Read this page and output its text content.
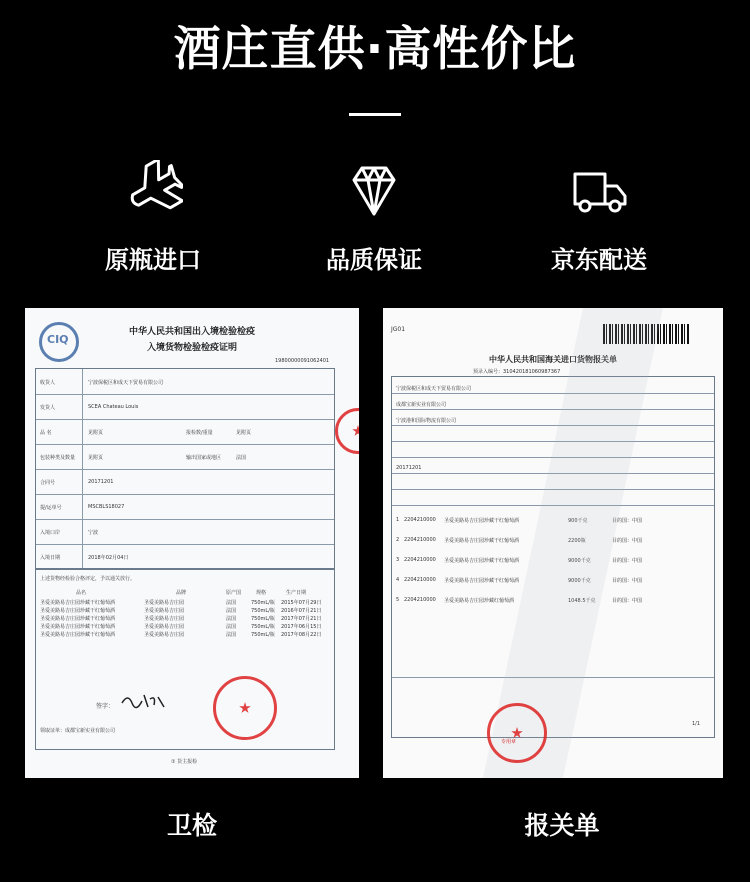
酒庄直供·高性价比
原瓶进口	品质保证	京东配送
CIQ
中华人民共和国出入境检验检疫
入境货物检验检疫证明
19800000091062401
收货人	宁波保税区和成天下贸易有限公司
发货人	SCEA Chateau Louis
品 名	见附页	报检数/重量	见附页
包装种类及数量	见附页	输出国家或地区	法国
合同号	20171201
提/运单号	MSCBLS18027
入境口岸	宁波
入境日期	2018年02月04日
上述货物经检验合格评定，予以通关放行。
品名	品牌	原产国	规格	生产日期
圣爱美路易吉庄园珍藏干红葡萄酒	圣爱美路易吉庄园	法国	750mL/瓶 2015年07月29日
圣爱美路易吉庄园珍藏干红葡萄酒	圣爱美路易吉庄园	法国	750mL/瓶 2016年07月21日
圣爱美路易吉庄园珍藏干红葡萄酒	圣爱美路易吉庄园	法国	750mL/瓶 2017年07月21日
圣爱美路易吉庄园珍藏干红葡萄酒	圣爱美路易吉庄园	法国	750mL/瓶 2017年06月15日
圣爱美路易吉庄园珍藏干红葡萄酒	圣爱美路易吉庄园	法国	750mL/瓶 2017年08月22日
签字：
领取证单：成都宝新实业有限公司
① 货主报检
JG01
中华人民共和国海关进口货物报关单
预录入编号：310420181060987367
宁波保税区和成天下贸易有限公司
成都宝新实业有限公司
宁波港和国际物流有限公司
20171201
1 2204210000 圣爱美路易吉庄园珍藏干红葡萄酒	900千克	目的国：中国
2 2204210000 圣爱美路易吉庄园珍藏干红葡萄酒	2200瓶	目的国：中国
3 2204210000 圣爱美路易吉庄园珍藏干红葡萄酒	9000千克	目的国：中国
4 2204210000 圣爱美路易吉庄园珍藏干红葡萄酒	9000千克	目的国：中国
5 2204210000 圣爱美路易吉庄园珍藏红葡萄酒	1048.5千克	目的国：中国
1/1
专用章
卫检	报关单
